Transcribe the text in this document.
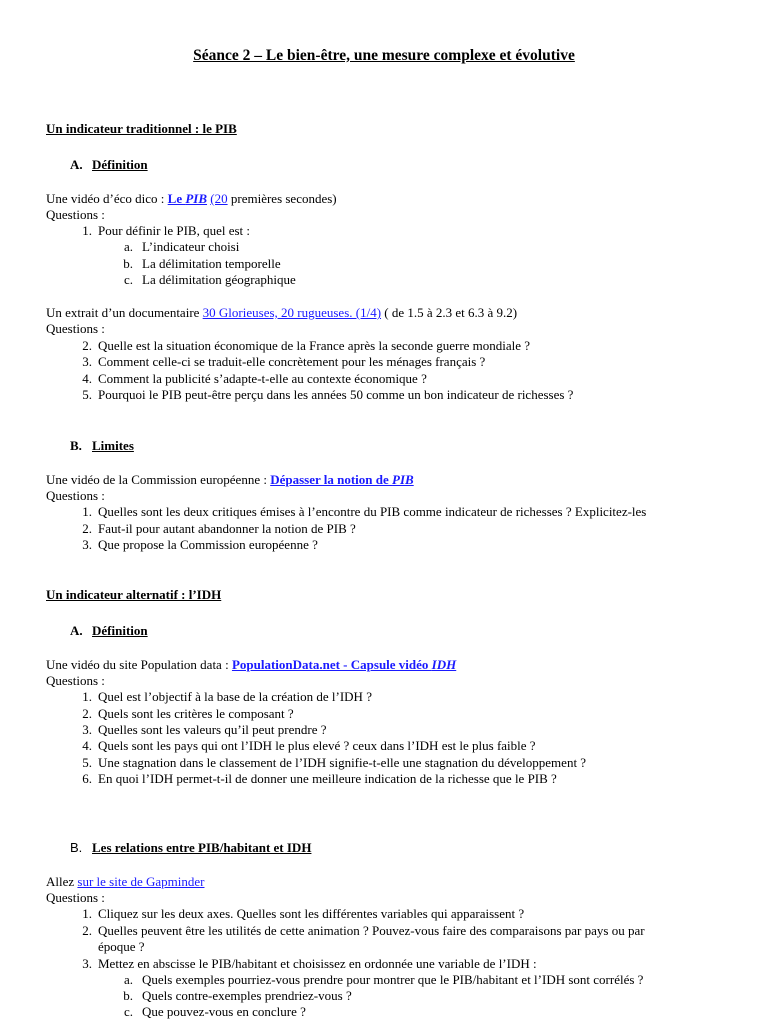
Séance 2 – Le bien-être, une mesure complexe et évolutive
Un indicateur traditionnel : le PIB
A. Définition
Une vidéo d’éco dico : Le PIB (20 premières secondes)
Questions :
1. Pour définir le PIB, quel est :
a. L’indicateur choisi
b. La délimitation temporelle
c. La délimitation géographique
Un extrait d’un documentaire 30 Glorieuses, 20 rugueuses. (1/4) ( de 1.5 à 2.3 et 6.3 à 9.2)
Questions :
2. Quelle est la situation économique de la France après la seconde guerre mondiale ?
3. Comment celle-ci se traduit-elle concrètement pour les ménages français ?
4. Comment la publicité s’adapte-t-elle au contexte économique ?
5. Pourquoi le PIB peut-être perçu dans les années 50 comme un bon indicateur de richesses ?
B. Limites
Une vidéo de la Commission européenne : Dépasser la notion de PIB
Questions :
1. Quelles sont les deux critiques émises à l’encontre du PIB comme indicateur de richesses ? Explicitez-les
2. Faut-il pour autant abandonner la notion de PIB ?
3. Que propose la Commission européenne ?
Un indicateur alternatif : l’IDH
A. Définition
Une vidéo du site Population data : PopulationData.net - Capsule vidéo IDH
Questions :
1. Quel est l’objectif à la base de la création de l’IDH ?
2. Quels sont les critères le composant ?
3. Quelles sont les valeurs qu’il peut prendre ?
4. Quels sont les pays qui ont l’IDH le plus elevé ? ceux dans l’IDH est le plus faible ?
5. Une stagnation dans le classement de l’IDH signifie-t-elle une stagnation du développement ?
6. En quoi l’IDH permet-t-il de donner une meilleure indication de la richesse que le PIB ?
B. Les relations entre PIB/habitant et IDH
Allez sur le site de Gapminder
Questions :
1. Cliquez sur les deux axes. Quelles sont les différentes variables qui apparaissent ?
2. Quelles peuvent être les utilités de cette animation ? Pouvez-vous faire des comparaisons par pays ou par
époque ?
3. Mettez en abscisse le PIB/habitant et choisissez en ordonnée une variable de l’IDH :
a. Quels exemples pourriez-vous prendre pour montrer que le PIB/habitant et l’IDH sont corrélés ?
b. Quels contre-exemples prendriez-vous ?
c. Que pouvez-vous en conclure ?
